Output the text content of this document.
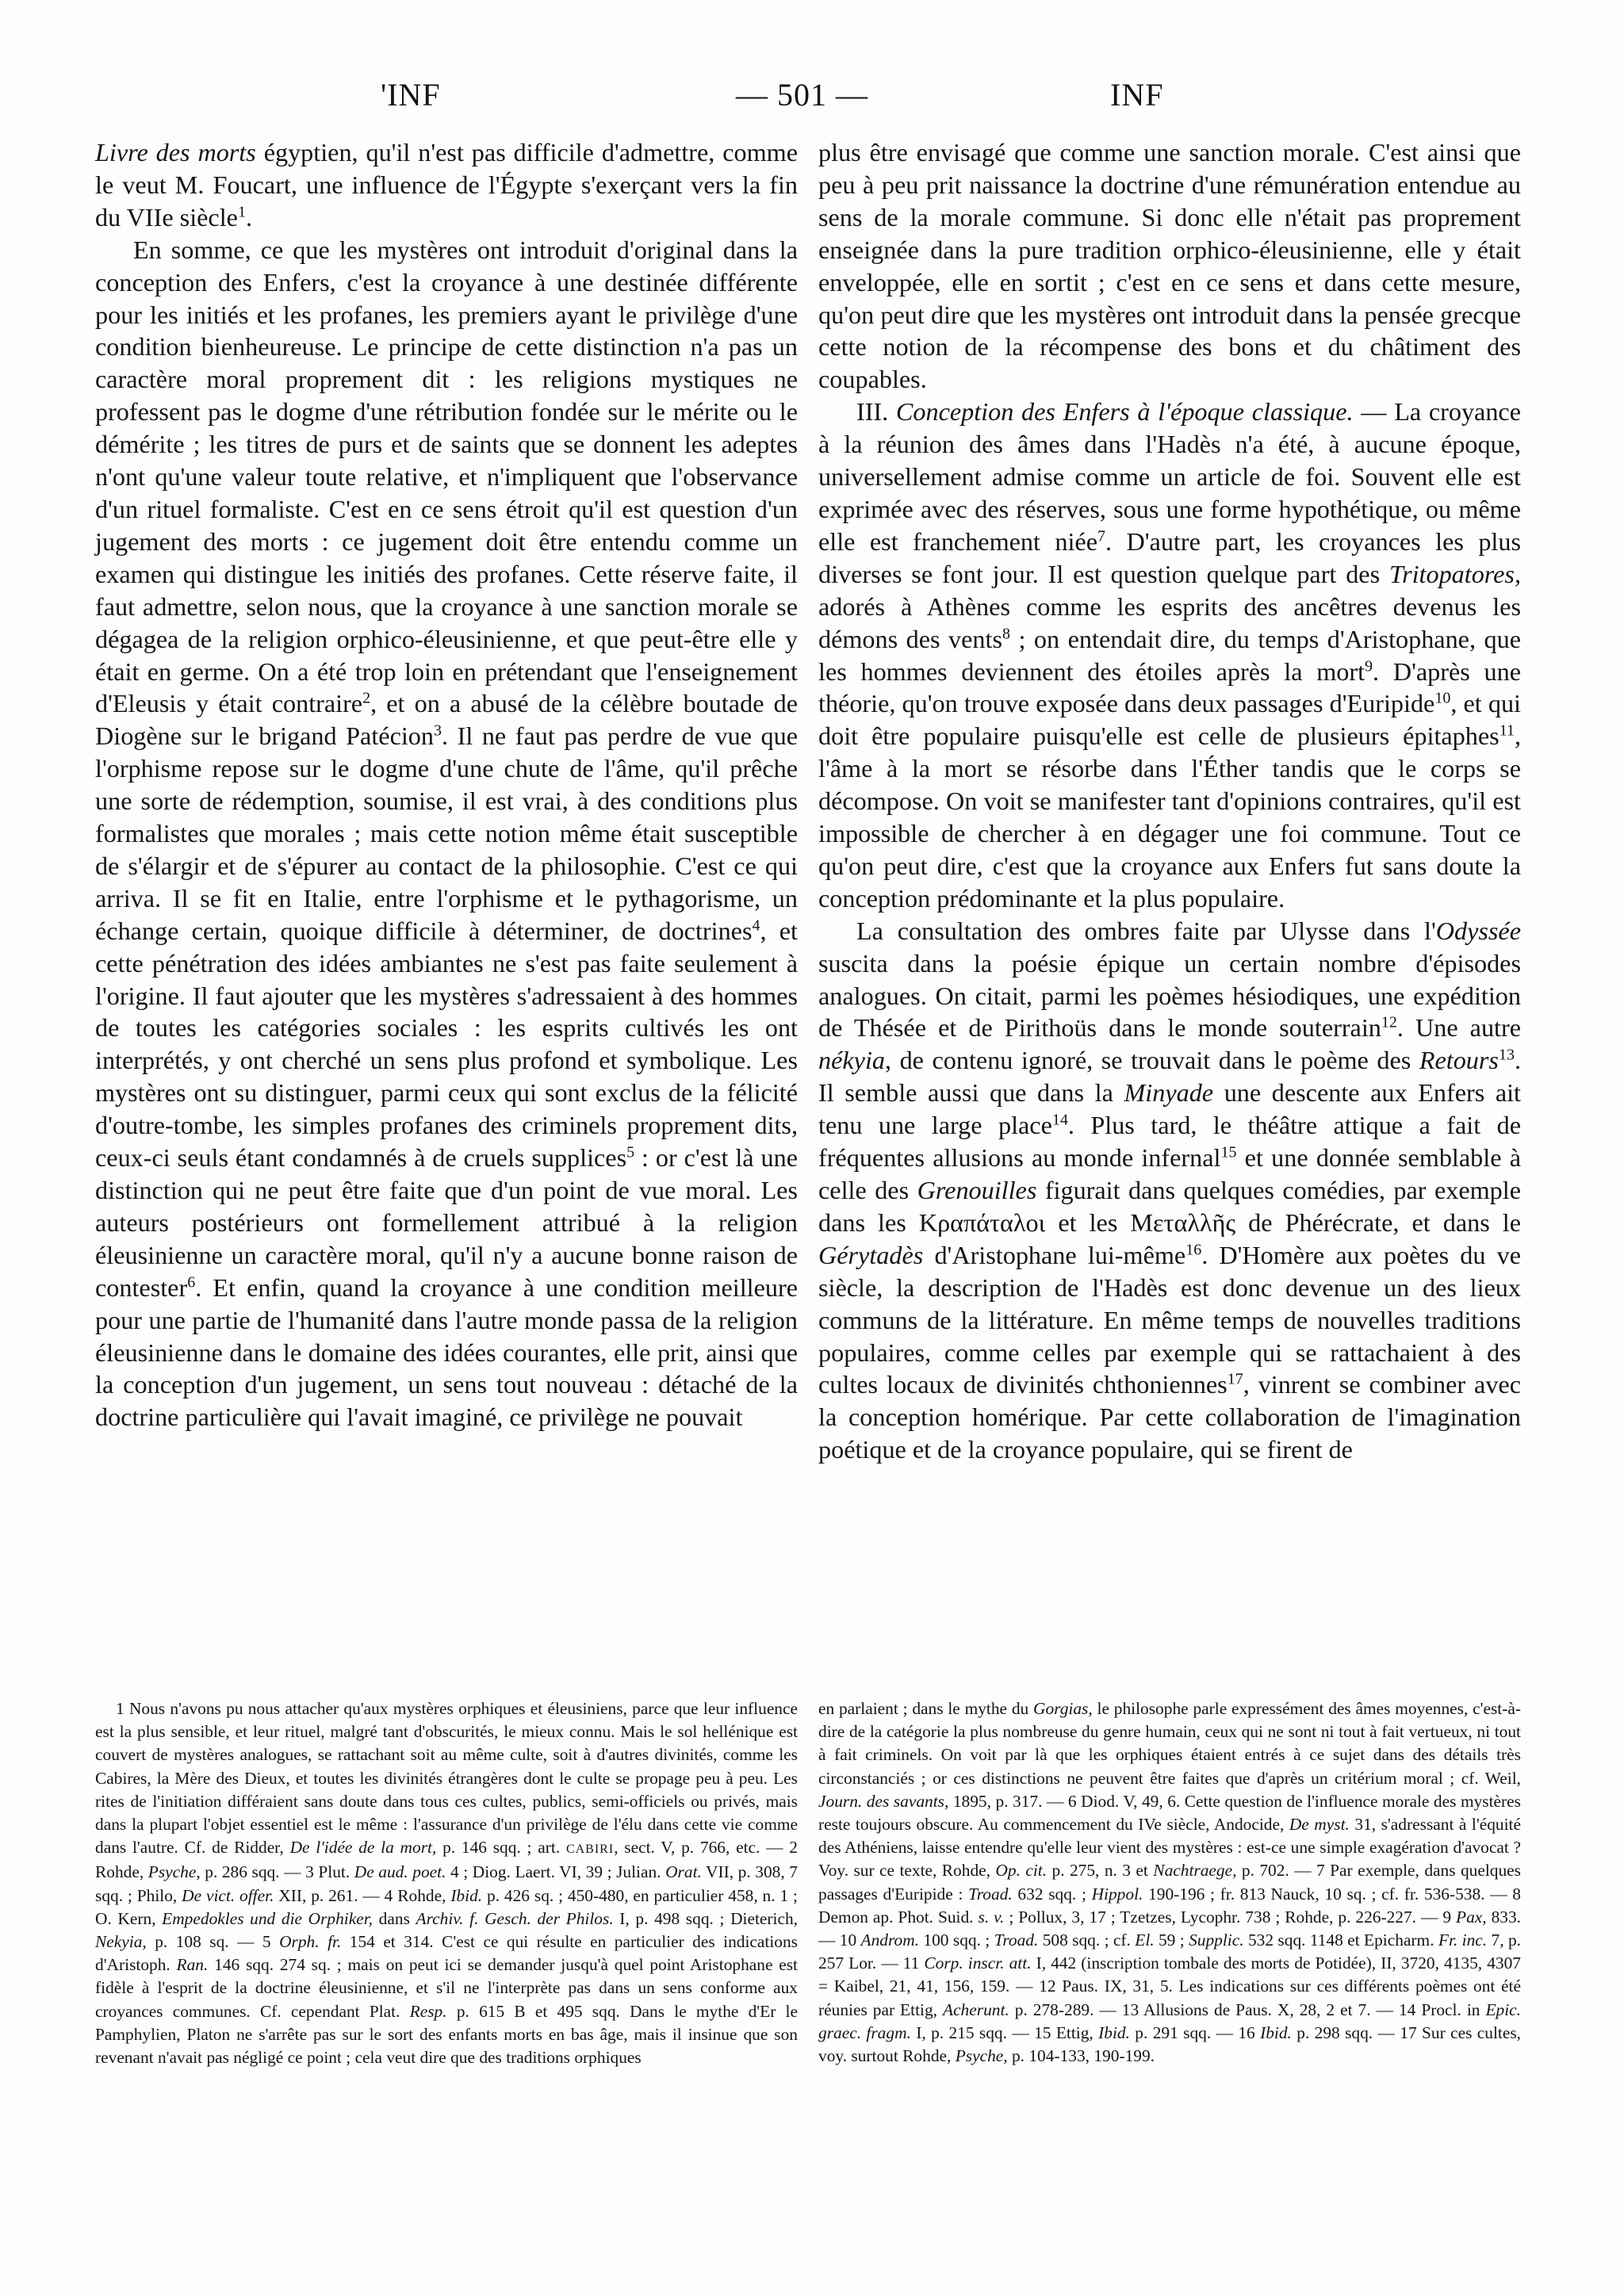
'INF	— 501 —	INF

Livre des morts égyptien, qu'il n'est pas difficile d'admettre, comme le veut M. Foucart, une influence de l'Égypte s'exerçant vers la fin du VIIe siècle$^1$.

En somme, ce que les mystères ont introduit d'original dans la conception des Enfers, c'est la croyance à une destinée différente pour les initiés et les profanes, les premiers ayant le privilège d'une condition bienheureuse. Le principe de cette distinction n'a pas un caractère moral proprement dit : les religions mystiques ne professent pas le dogme d'une rétribution fondée sur le mérite ou le démérite ; les titres de purs et de saints que se donnent les adeptes n'ont qu'une valeur toute relative, et n'impliquent que l'observance d'un rituel formaliste. C'est en ce sens étroit qu'il est question d'un jugement des morts : ce jugement doit être entendu comme un examen qui distingue les initiés des profanes. Cette réserve faite, il faut admettre, selon nous, que la croyance à une sanction morale se dégagea de la religion orphico-éleusinienne, et que peut-être elle y était en germe. On a été trop loin en prétendant que l'enseignement d'Eleusis y était contraire$^2$, et on a abusé de la célèbre boutade de Diogène sur le brigand Patécion$^3$. Il ne faut pas perdre de vue que l'orphisme repose sur le dogme d'une chute de l'âme, qu'il prêche une sorte de rédemption, soumise, il est vrai, à des conditions plus formalistes que morales ; mais cette notion même était susceptible de s'élargir et de s'épurer au contact de la philosophie. C'est ce qui arriva. Il se fit en Italie, entre l'orphisme et le pythagorisme, un échange certain, quoique difficile à déterminer, de doctrines$^4$, et cette pénétration des idées ambiantes ne s'est pas faite seulement à l'origine. Il faut ajouter que les mystères s'adressaient à des hommes de toutes les catégories sociales : les esprits cultivés les ont interprétés, y ont cherché un sens plus profond et symbolique. Les mystères ont su distinguer, parmi ceux qui sont exclus de la félicité d'outre-tombe, les simples profanes des criminels proprement dits, ceux-ci seuls étant condamnés à de cruels supplices$^5$ : or c'est là une distinction qui ne peut être faite que d'un point de vue moral. Les auteurs postérieurs ont formellement attribué à la religion éleusinienne un caractère moral, qu'il n'y a aucune bonne raison de contester$^6$. Et enfin, quand la croyance à une condition meilleure pour une partie de l'humanité dans l'autre monde passa de la religion éleusinienne dans le domaine des idées courantes, elle prit, ainsi que la conception d'un jugement, un sens tout nouveau : détaché de la doctrine particulière qui l'avait imaginé, ce privilège ne pouvait

plus être envisagé que comme une sanction morale. C'est ainsi que peu à peu prit naissance la doctrine d'une rémunération entendue au sens de la morale commune. Si donc elle n'était pas proprement enseignée dans la pure tradition orphico-éleusinienne, elle y était enveloppée, elle en sortit ; c'est en ce sens et dans cette mesure, qu'on peut dire que les mystères ont introduit dans la pensée grecque cette notion de la récompense des bons et du châtiment des coupables.

III. Conception des Enfers à l'époque classique. — La croyance à la réunion des âmes dans l'Hadès n'a été, à aucune époque, universellement admise comme un article de foi. Souvent elle est exprimée avec des réserves, sous une forme hypothétique, ou même elle est franchement niée$^7$. D'autre part, les croyances les plus diverses se font jour. Il est question quelque part des Tritopatores, adorés à Athènes comme les esprits des ancêtres devenus les démons des vents$^8$ ; on entendait dire, du temps d'Aristophane, que les hommes deviennent des étoiles après la mort$^9$. D'après une théorie, qu'on trouve exposée dans deux passages d'Euripide$^{10}$, et qui doit être populaire puisqu'elle est celle de plusieurs épitaphes$^{11}$, l'âme à la mort se résorbe dans l'Éther tandis que le corps se décompose. On voit se manifester tant d'opinions contraires, qu'il est impossible de chercher à en dégager une foi commune. Tout ce qu'on peut dire, c'est que la croyance aux Enfers fut sans doute la conception prédominante et la plus populaire.

La consultation des ombres faite par Ulysse dans l'Odyssée suscita dans la poésie épique un certain nombre d'épisodes analogues. On citait, parmi les poèmes hésiodiques, une expédition de Thésée et de Pirithoüs dans le monde souterrain$^{12}$. Une autre nékyia, de contenu ignoré, se trouvait dans le poème des Retours$^{13}$. Il semble aussi que dans la Minyade une descente aux Enfers ait tenu une large place$^{14}$. Plus tard, le théâtre attique a fait de fréquentes allusions au monde infernal$^{15}$ et une donnée semblable à celle des Grenouilles figurait dans quelques comédies, par exemple dans les Κραπάταλοι et les Μεταλλῆς de Phérécrate, et dans le Gérytadès d'Aristophane lui-même$^{16}$. D'Homère aux poètes du ve siècle, la description de l'Hadès est donc devenue un des lieux communs de la littérature. En même temps de nouvelles traditions populaires, comme celles par exemple qui se rattachaient à des cultes locaux de divinités chthoniennes$^{17}$, vinrent se combiner avec la conception homérique. Par cette collaboration de l'imagination poétique et de la croyance populaire, qui se firent de

1 Nous n'avons pu nous attacher qu'aux mystères orphiques et éleusiniens, parce que leur influence est la plus sensible, et leur rituel, malgré tant d'obscurités, le mieux connu. Mais le sol hellénique est couvert de mystères analogues, se rattachant soit au même culte, soit à d'autres divinités, comme les Cabires, la Mère des Dieux, et toutes les divinités étrangères dont le culte se propage peu à peu. Les rites de l'initiation différaient sans doute dans tous ces cultes, publics, semi-officiels ou privés, mais dans la plupart l'objet essentiel est le même : l'assurance d'un privilège de l'élu dans cette vie comme dans l'autre. Cf. de Ridder, De l'idée de la mort, p. 146 sqq. ; art. CABIRI, sect. V, p. 766, etc. — 2 Rohde, Psyche, p. 286 sqq. — 3 Plut. De aud. poet. 4 ; Diog. Laert. VI, 39 ; Julian. Orat. VII, p. 308, 7 sqq. ; Philo, De vict. offer. XII, p. 261. — 4 Rohde, Ibid. p. 426 sq. ; 450-480, en particulier 458, n. 1 ; O. Kern, Empedokles und die Orphiker, dans Archiv. f. Gesch. der Philos. I, p. 498 sqq. ; Dieterich, Nekyia, p. 108 sq. — 5 Orph. fr. 154 et 314. C'est ce qui résulte en particulier des indications d'Aristoph. Ran. 146 sqq. 274 sq. ; mais on peut ici se demander jusqu'à quel point Aristophane est fidèle à l'esprit de la doctrine éleusinienne, et s'il ne l'interprète pas dans un sens conforme aux croyances communes. Cf. cependant Plat. Resp. p. 615 B et 495 sqq. Dans le mythe d'Er le Pamphylien, Platon ne s'arrête pas sur le sort des enfants morts en bas âge, mais il insinue que son revenant n'avait pas négligé ce point ; cela veut dire que des traditions orphiques

en parlaient ; dans le mythe du Gorgias, le philosophe parle expressément des âmes moyennes, c'est-à-dire de la catégorie la plus nombreuse du genre humain, ceux qui ne sont ni tout à fait vertueux, ni tout à fait criminels. On voit par là que les orphiques étaient entrés à ce sujet dans des détails très circonstanciés ; or ces distinctions ne peuvent être faites que d'après un critérium moral ; cf. Weil, Journ. des savants, 1895, p. 317. — 6 Diod. V, 49, 6. Cette question de l'influence morale des mystères reste toujours obscure. Au commencement du IVe siècle, Andocide, De myst. 31, s'adressant à l'équité des Athéniens, laisse entendre qu'elle leur vient des mystères : est-ce une simple exagération d'avocat ? Voy. sur ce texte, Rohde, Op. cit. p. 275, n. 3 et Nachtraege, p. 702. — 7 Par exemple, dans quelques passages d'Euripide : Troad. 632 sqq. ; Hippol. 190-196 ; fr. 813 Nauck, 10 sq. ; cf. fr. 536-538. — 8 Demon ap. Phot. Suid. s. v. ; Pollux, 3, 17 ; Tzetzes, Lycophr. 738 ; Rohde, p. 226-227. — 9 Pax, 833. — 10 Androm. 100 sqq. ; Troad. 508 sqq. ; cf. El. 59 ; Supplic. 532 sqq. 1148 et Epicharm. Fr. inc. 7, p. 257 Lor. — 11 Corp. inscr. att. I, 442 (inscription tombale des morts de Potidée), II, 3720, 4135, 4307 = Kaibel, 21, 41, 156, 159. — 12 Paus. IX, 31, 5. Les indications sur ces différents poèmes ont été réunies par Ettig, Acherunt. p. 278-289. — 13 Allusions de Paus. X, 28, 2 et 7. — 14 Procl. in Epic. graec. fragm. I, p. 215 sqq. — 15 Ettig, Ibid. p. 291 sqq. — 16 Ibid. p. 298 sqq. — 17 Sur ces cultes, voy. surtout Rohde, Psyche, p. 104-133, 190-199.
